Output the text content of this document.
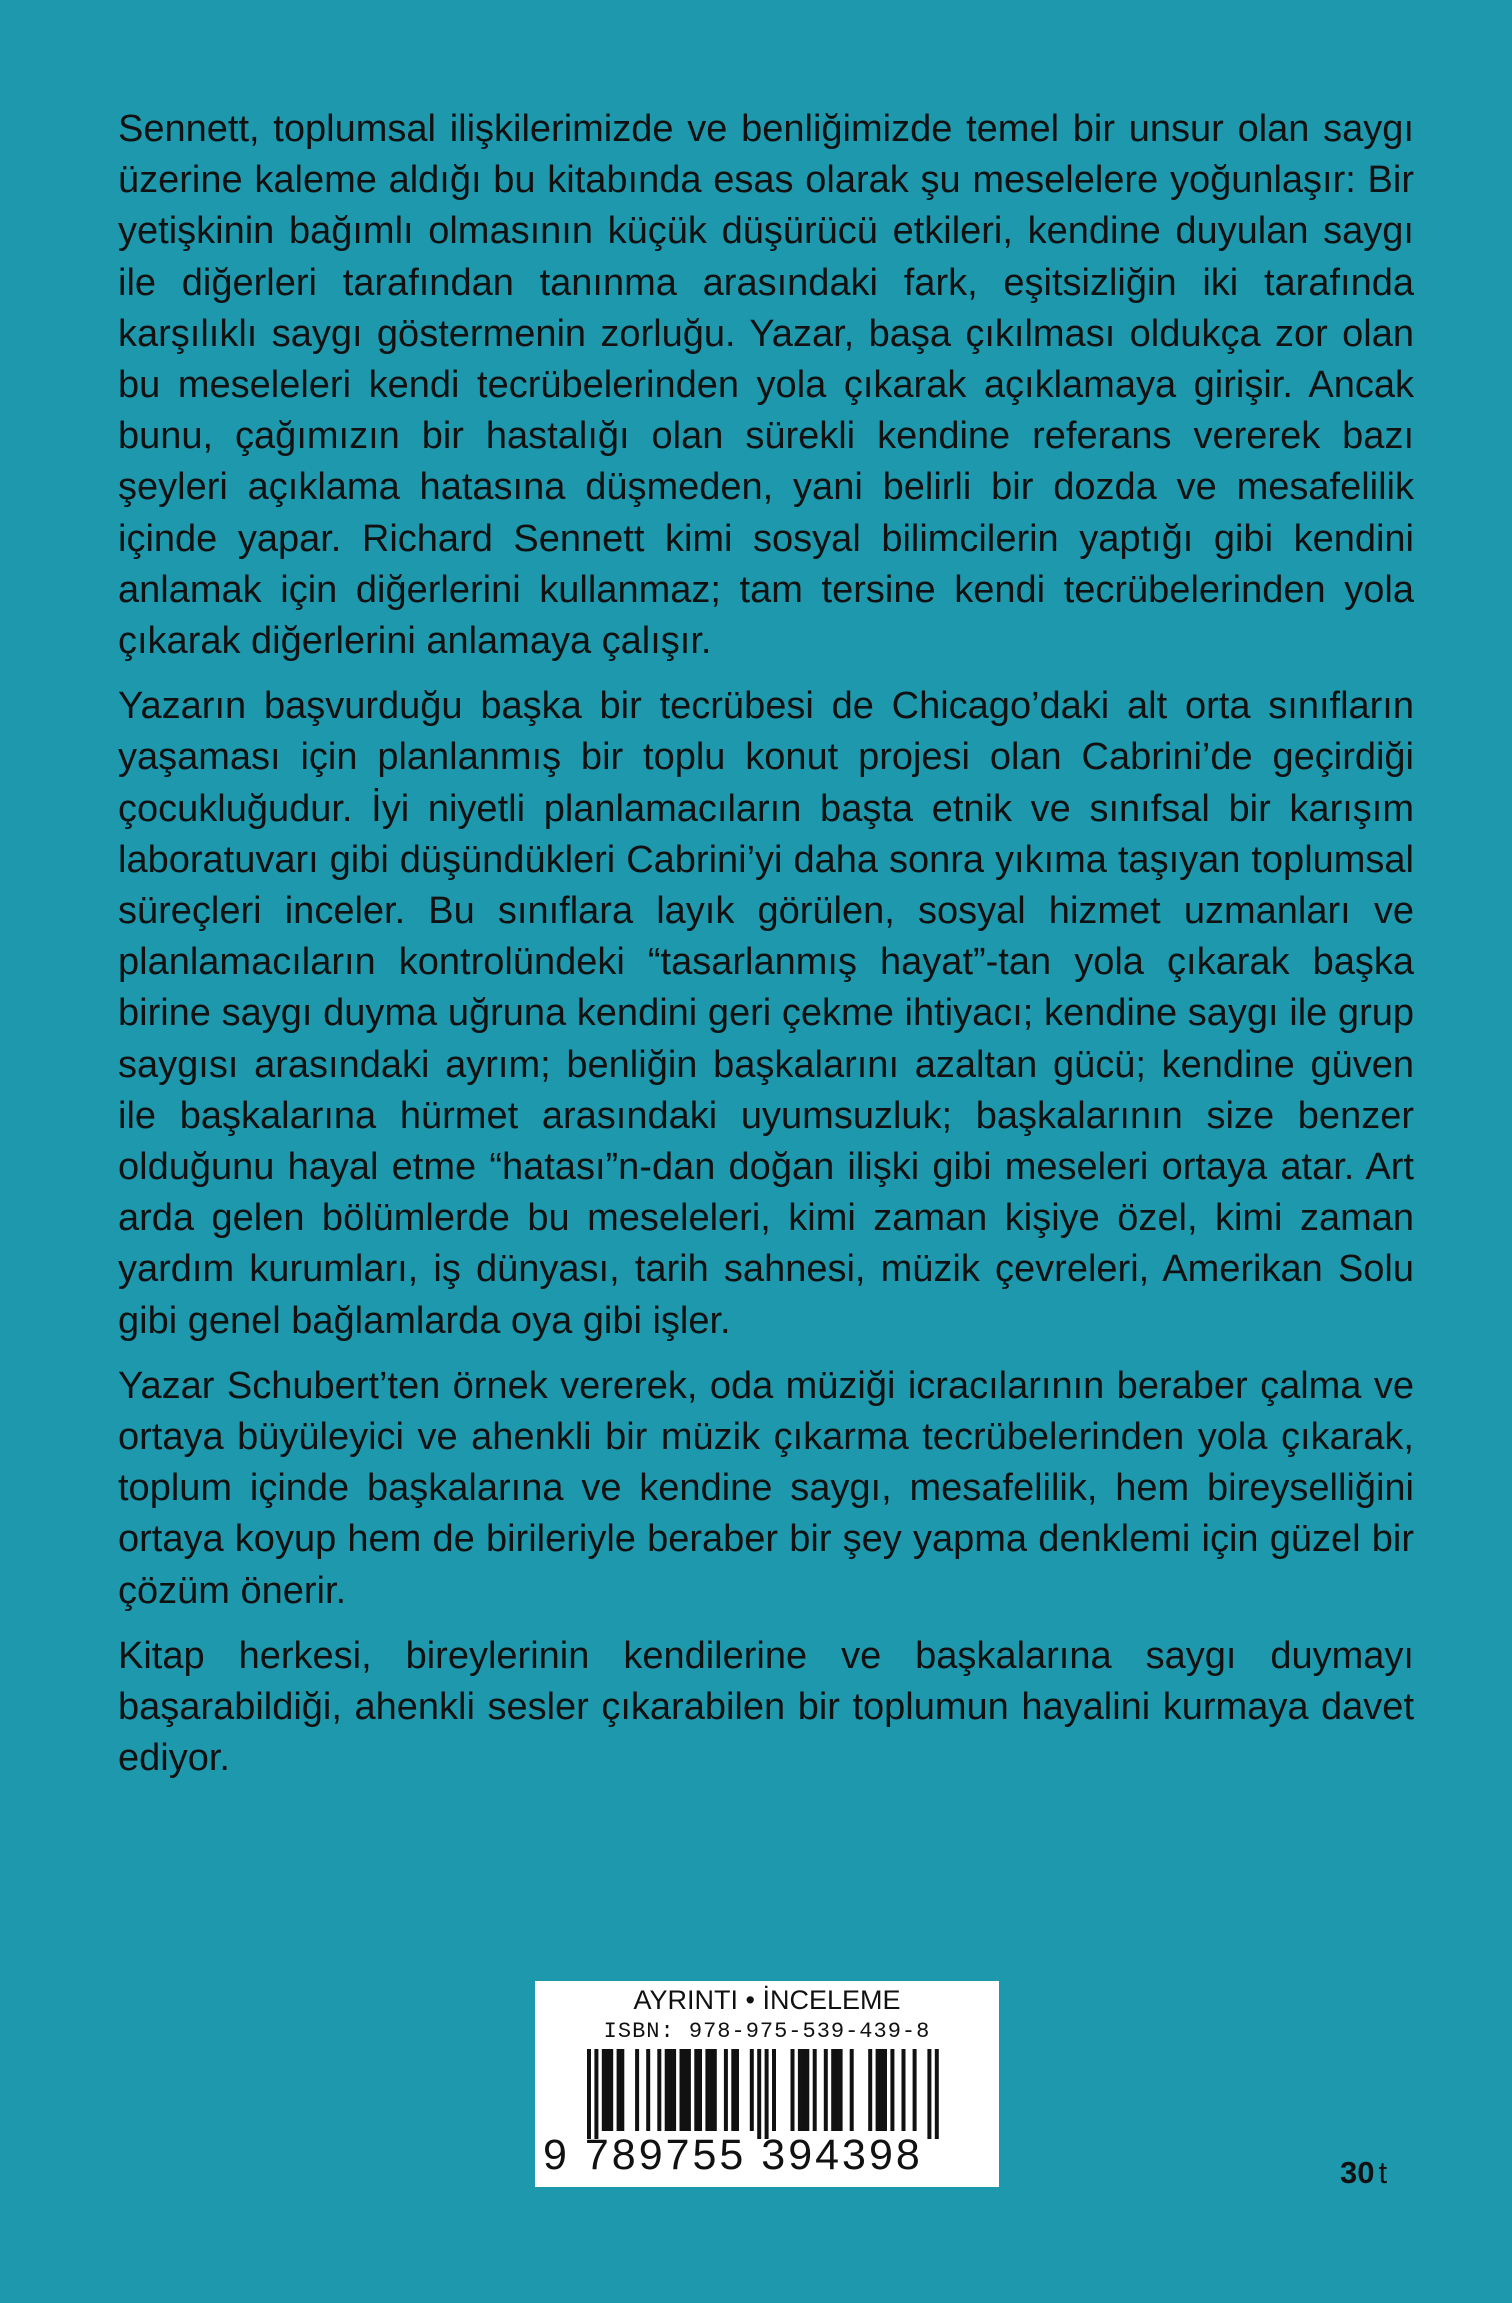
Sennett, toplumsal ilişkilerimizde ve benliğimizde temel bir unsur olan saygı üzerine kaleme aldığı bu kitabında esas olarak şu meselelere yoğunlaşır: Bir yetişkinin bağımlı olmasının küçük düşürücü etkileri, kendine duyulan saygı ile diğerleri tarafından tanınma arasındaki fark, eşitsizliğin iki tarafında karşılıklı saygı göstermenin zorluğu. Yazar, başa çıkılması oldukça zor olan bu meseleleri kendi tecrübelerinden yola çıkarak açıklamaya girişir. Ancak bunu, çağımızın bir hastalığı olan sürekli kendine referans vererek bazı şeyleri açıklama hatasına düşmeden, yani belirli bir dozda ve mesafelilik içinde yapar. Richard Sennett kimi sosyal bilimcilerin yaptığı gibi kendini anlamak için diğerlerini kullanmaz; tam tersine kendi tecrübelerinden yola çıkarak diğerlerini anlamaya çalışır.

Yazarın başvurduğu başka bir tecrübesi de Chicago’daki alt orta sınıfların yaşaması için planlanmış bir toplu konut projesi olan Cabrini’de geçirdiği çocukluğudur. İyi niyetli planlamacıların başta etnik ve sınıfsal bir karışım laboratuvarı gibi düşündükleri Cabrini’yi daha sonra yıkıma taşıyan toplumsal süreçleri inceler. Bu sınıflara layık görülen, sosyal hizmet uzmanları ve planlamacıların kontrolündeki “tasarlanmış hayat”-tan yola çıkarak başka birine saygı duyma uğruna kendini geri çekme ihtiyacı; kendine saygı ile grup saygısı arasındaki ayrım; benliğin başkalarını azaltan gücü; kendine güven ile başkalarına hürmet arasındaki uyumsuzluk; başkalarının size benzer olduğunu hayal etme “hatası”n-dan doğan ilişki gibi meseleri ortaya atar. Art arda gelen bölümlerde bu meseleleri, kimi zaman kişiye özel, kimi zaman yardım kurumları, iş dünyası, tarih sahnesi, müzik çevreleri, Amerikan Solu gibi genel bağlamlarda oya gibi işler.

Yazar Schubert’ten örnek vererek, oda müziği icracılarının beraber çalma ve ortaya büyüleyici ve ahenkli bir müzik çıkarma tecrübelerinden yola çıkarak, toplum içinde başkalarına ve kendine saygı, mesafelilik, hem bireyselliğini ortaya koyup hem de birileriyle beraber bir şey yapma denklemi için güzel bir çözüm önerir.

Kitap herkesi, bireylerinin kendilerine ve başkalarına saygı duymayı başarabildiği, ahenkli sesler çıkarabilen bir toplumun hayalini kurmaya davet ediyor.

AYRINTI • İNCELEME
ISBN: 978-975-539-439-8
9 789755 394398	30 t
